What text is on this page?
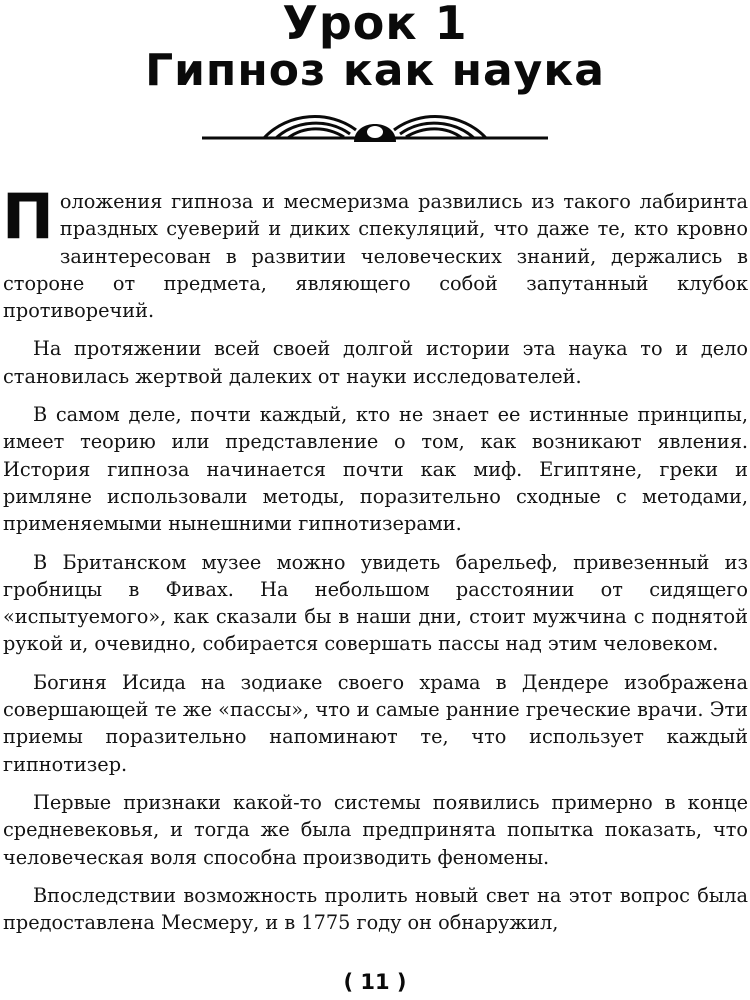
Урок 1
Гипноз как наука

Положения гипноза и месмеризма развились из такого лабиринта праздных суеверий и диких спекуляций, что даже те, кто кровно заинтересован в развитии человеческих знаний, держались в стороне от предмета, являющего собой запутанный клубок противоречий.

На протяжении всей своей долгой истории эта наука то и дело становилась жертвой далеких от науки исследователей.

В самом деле, почти каждый, кто не знает ее истинные принципы, имеет теорию или представление о том, как возникают явления. История гипноза начинается почти как миф. Египтяне, греки и римляне использовали методы, поразительно сходные с методами, применяемыми нынешними гипнотизерами.

В Британском музее можно увидеть барельеф, привезенный из гробницы в Фивах. На небольшом расстоянии от сидящего «испытуемого», как сказали бы в наши дни, стоит мужчина с поднятой рукой и, очевидно, собирается совершать пассы над этим человеком.

Богиня Исида на зодиаке своего храма в Дендере изображена совершающей те же «пассы», что и самые ранние греческие врачи. Эти приемы поразительно напоминают те, что использует каждый гипнотизер.

Первые признаки какой-то системы появились примерно в конце средневековья, и тогда же была предпринята попытка показать, что человеческая воля способна производить феномены.

Впоследствии возможность пролить новый свет на этот вопрос была предоставлена Месмеру, и в 1775 году он обнаружил,

( 11 )
